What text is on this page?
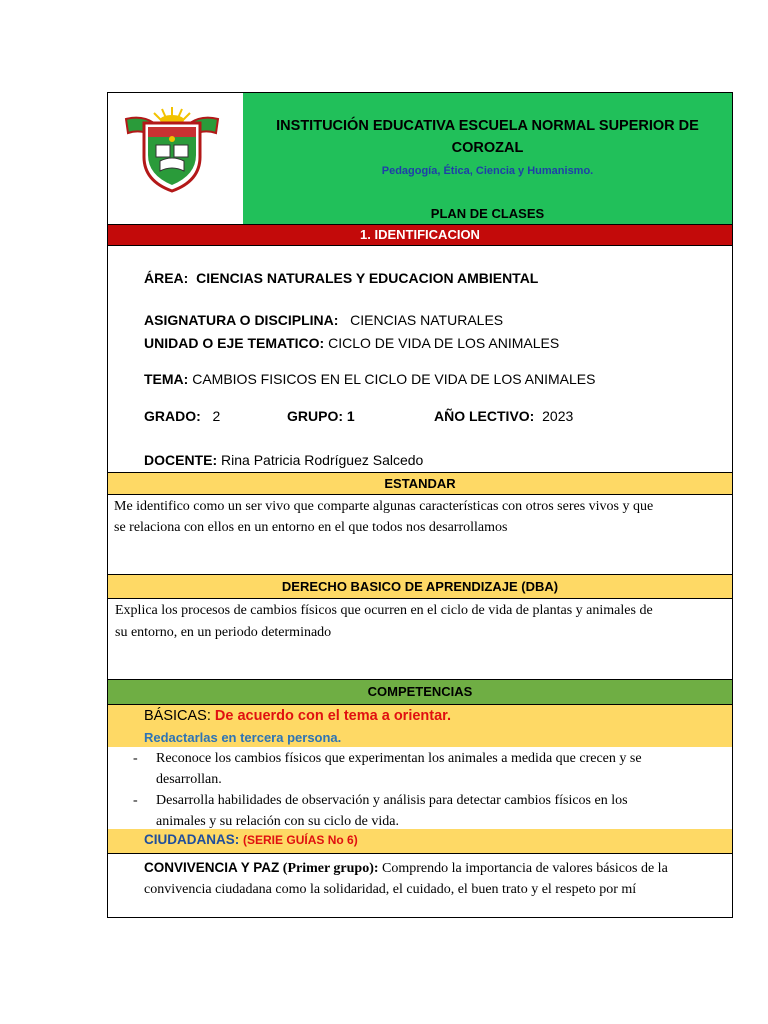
INSTITUCIÓN EDUCATIVA ESCUELA NORMAL SUPERIOR DE COROZAL
Pedagogía, Ética, Ciencia y Humanismo.
PLAN DE CLASES
1. IDENTIFICACION
ÁREA: CIENCIAS NATURALES Y EDUCACION AMBIENTAL
ASIGNATURA O DISCIPLINA: CIENCIAS NATURALES
UNIDAD O EJE TEMATICO: CICLO DE VIDA DE LOS ANIMALES
TEMA: CAMBIOS FISICOS EN EL CICLO DE VIDA DE LOS ANIMALES
GRADO: 2	GRUPO: 1	AÑO LECTIVO: 2023
DOCENTE: Rina Patricia Rodríguez Salcedo
ESTANDAR
Me identifico como un ser vivo que comparte algunas características con otros seres vivos y que
se relaciona con ellos en un entorno en el que todos nos desarrollamos
DERECHO BASICO DE APRENDIZAJE (DBA)
Explica los procesos de cambios físicos que ocurren en el ciclo de vida de plantas y animales de
su entorno, en un periodo determinado
COMPETENCIAS
BÁSICAS: De acuerdo con el tema a orientar.
Redactarlas en tercera persona.
- Reconoce los cambios físicos que experimentan los animales a medida que crecen y se
desarrollan.
- Desarrolla habilidades de observación y análisis para detectar cambios físicos en los
animales y su relación con su ciclo de vida.
CIUDADANAS: (SERIE GUÍAS No 6)
CONVIVENCIA Y PAZ (Primer grupo): Comprendo la importancia de valores básicos de la
convivencia ciudadana como la solidaridad, el cuidado, el buen trato y el respeto por mí
